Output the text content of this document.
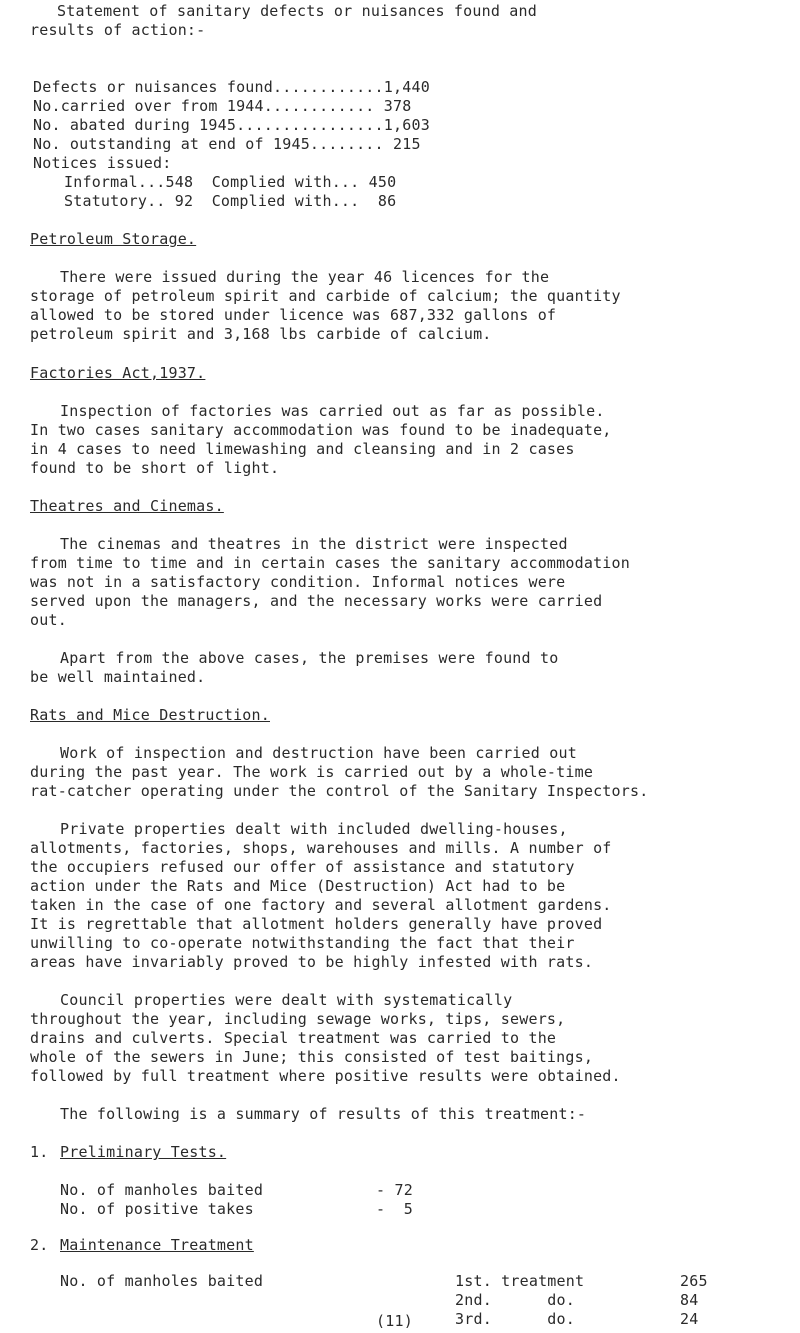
Statement of sanitary defects or nuisances found and
results of action:-
Defects or nuisances found............1,440
No.carried over from 1944............ 378
No. abated during 1945................1,603
No. outstanding at end of 1945........ 215
Notices issued:
Informal...548  Complied with... 450
Statutory.. 92  Complied with...  86
Petroleum Storage.
There were issued during the year 46 licences for the
storage of petroleum spirit and carbide of calcium; the quantity
allowed to be stored under licence was 687,332 gallons of
petroleum spirit and 3,168 lbs carbide of calcium.
Factories Act,1937.
Inspection of factories was carried out as far as possible.
In two cases sanitary accommodation was found to be inadequate,
in 4 cases to need limewashing and cleansing and in 2 cases
found to be short of light.
Theatres and Cinemas.
The cinemas and theatres in the district were inspected
from time to time and in certain cases the sanitary accommodation
was not in a satisfactory condition. Informal notices were
served upon the managers, and the necessary works were carried
out.
Apart from the above cases, the premises were found to
be well maintained.
Rats and Mice Destruction.
Work of inspection and destruction have been carried out
during the past year. The work is carried out by a whole-time
rat-catcher operating under the control of the Sanitary Inspectors.
Private properties dealt with included dwelling-houses,
allotments, factories, shops, warehouses and mills. A number of
the occupiers refused our offer of assistance and statutory
action under the Rats and Mice (Destruction) Act had to be
taken in the case of one factory and several allotment gardens.
It is regrettable that allotment holders generally have proved
unwilling to co-operate notwithstanding the fact that their
areas have invariably proved to be highly infested with rats.
Council properties were dealt with systematically
throughout the year, including sewage works, tips, sewers,
drains and culverts. Special treatment was carried to the
whole of the sewers in June; this consisted of test baitings,
followed by full treatment where positive results were obtained.
The following is a summary of results of this treatment:-
1. Preliminary Tests.
No. of manholes baited	- 72
No. of positive takes	-  5
2. Maintenance Treatment
No. of manholes baited	1st. treatment	265
2nd.      do.	84
3rd.      do.	24
(11)
